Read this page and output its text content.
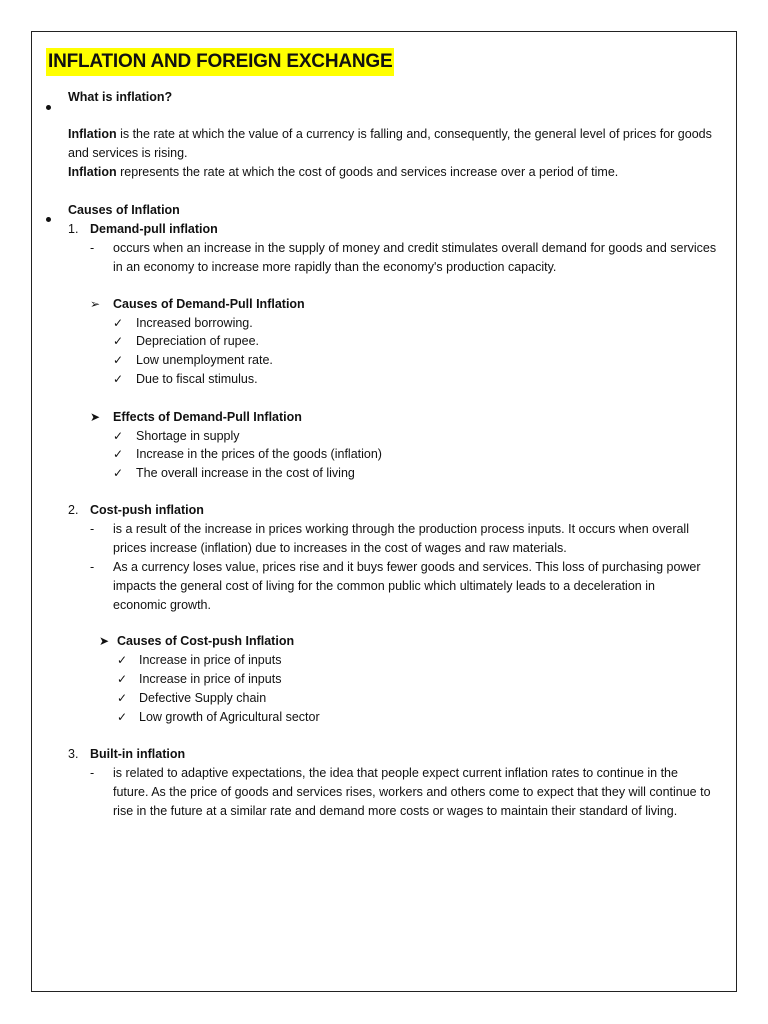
INFLATION AND FOREIGN EXCHANGE
What is inflation?
Inflation is the rate at which the value of a currency is falling and, consequently, the general level of prices for goods
and services is rising.
Inflation represents the rate at which the cost of goods and services increase over a period of time.
Causes of Inflation
1. Demand-pull inflation
- occurs when an increase in the supply of money and credit stimulates overall demand for goods and services
in an economy to increase more rapidly than the economy's production capacity.
➢ Causes of Demand-Pull Inflation
✓ Increased borrowing.
✓ Depreciation of rupee.
✓ Low unemployment rate.
✓ Due to fiscal stimulus.
➤ Effects of Demand-Pull Inflation
✓ Shortage in supply
✓ Increase in the prices of the goods (inflation)
✓ The overall increase in the cost of living
2. Cost-push inflation
- is a result of the increase in prices working through the production process inputs. It occurs when overall
prices increase (inflation) due to increases in the cost of wages and raw materials.
- As a currency loses value, prices rise and it buys fewer goods and services. This loss of purchasing power
impacts the general cost of living for the common public which ultimately leads to a deceleration in
economic growth.
➤ Causes of Cost-push Inflation
✓ Increase in price of inputs
✓ Increase in price of inputs
✓ Defective Supply chain
✓ Low growth of Agricultural sector
3. Built-in inflation
- is related to adaptive expectations, the idea that people expect current inflation rates to continue in the
future. As the price of goods and services rises, workers and others come to expect that they will continue to
rise in the future at a similar rate and demand more costs or wages to maintain their standard of living.
